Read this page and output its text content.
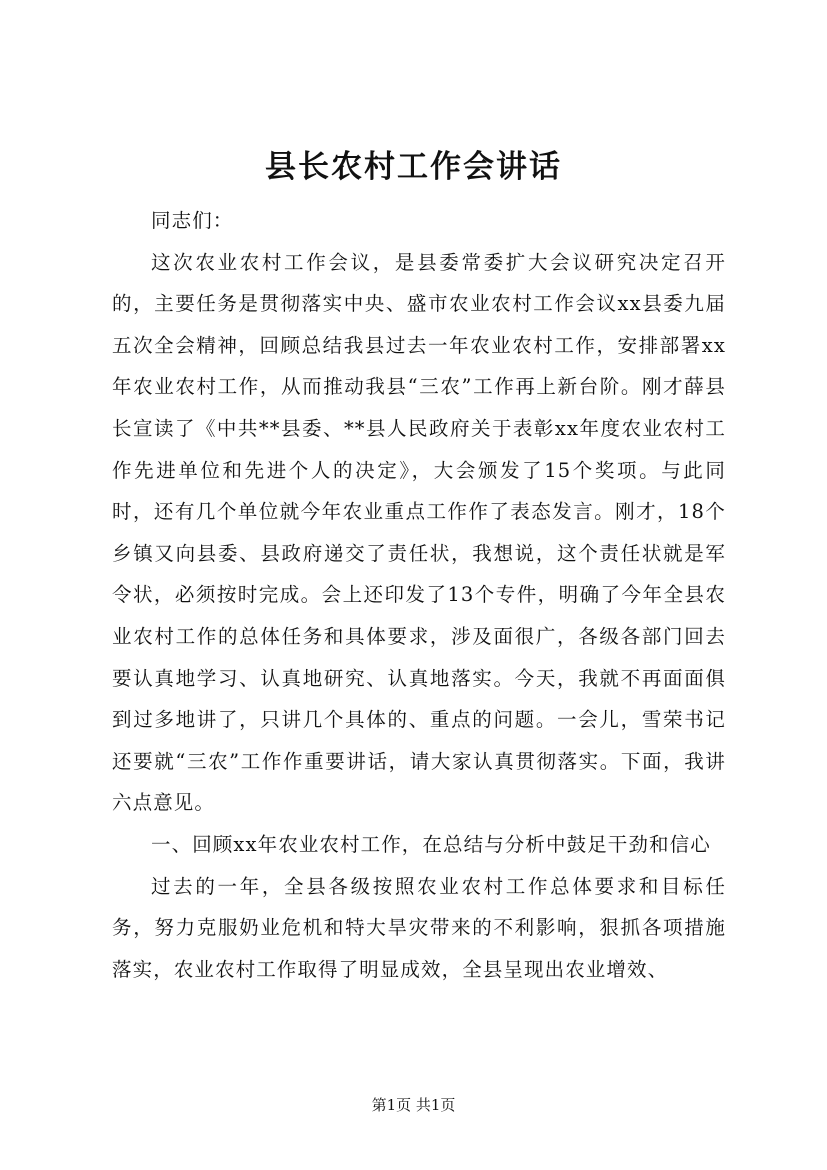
县长农村工作会讲话

同志们：

这次农业农村工作会议，是县委常委扩大会议研究决定召开的，主要任务是贯彻落实中央、盛市农业农村工作会议xx县委九届五次全会精神，回顾总结我县过去一年农业农村工作，安排部署xx年农业农村工作，从而推动我县“三农”工作再上新台阶。刚才薛县长宣读了《中共**县委、**县人民政府关于表彰xx年度农业农村工作先进单位和先进个人的决定》，大会颁发了15个奖项。与此同时，还有几个单位就今年农业重点工作作了表态发言。刚才，18个乡镇又向县委、县政府递交了责任状，我想说，这个责任状就是军令状，必须按时完成。会上还印发了13个专件，明确了今年全县农业农村工作的总体任务和具体要求，涉及面很广，各级各部门回去要认真地学习、认真地研究、认真地落实。今天，我就不再面面俱到过多地讲了，只讲几个具体的、重点的问题。一会儿，雪荣书记还要就“三农”工作作重要讲话，请大家认真贯彻落实。下面，我讲六点意见。

一、回顾xx年农业农村工作，在总结与分析中鼓足干劲和信心

过去的一年，全县各级按照农业农村工作总体要求和目标任务，努力克服奶业危机和特大旱灾带来的不利影响，狠抓各项措施落实，农业农村工作取得了明显成效，全县呈现出农业增效、

第1页 共1页
